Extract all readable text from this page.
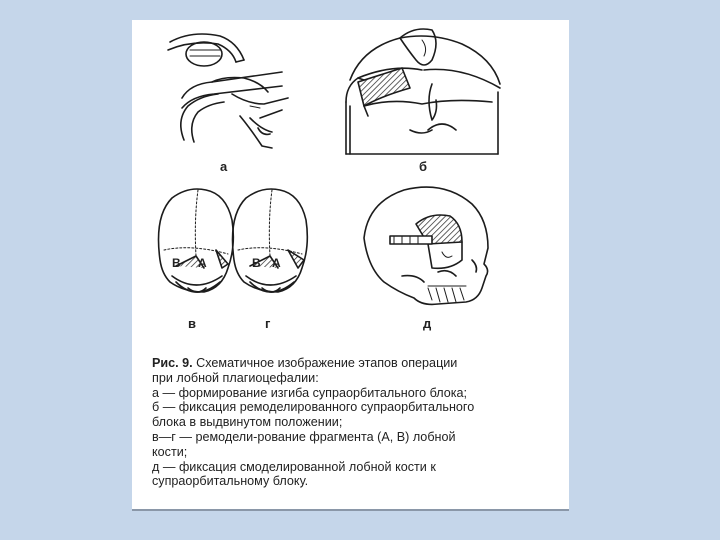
а	б
в	г	д
В А	В А
Рис. 9. Схематичное изображение этапов операции
при лобной плагиоцефалии:
а — формирование изгиба супраорбитального блока;
б — фиксация ремоделированного супраорбитального
блока в выдвинутом положении;
в—г — ремодели-рование фрагмента (А, В) лобной
кости;
д — фиксация смоделированной лобной кости к
супраорбитальному блоку.
